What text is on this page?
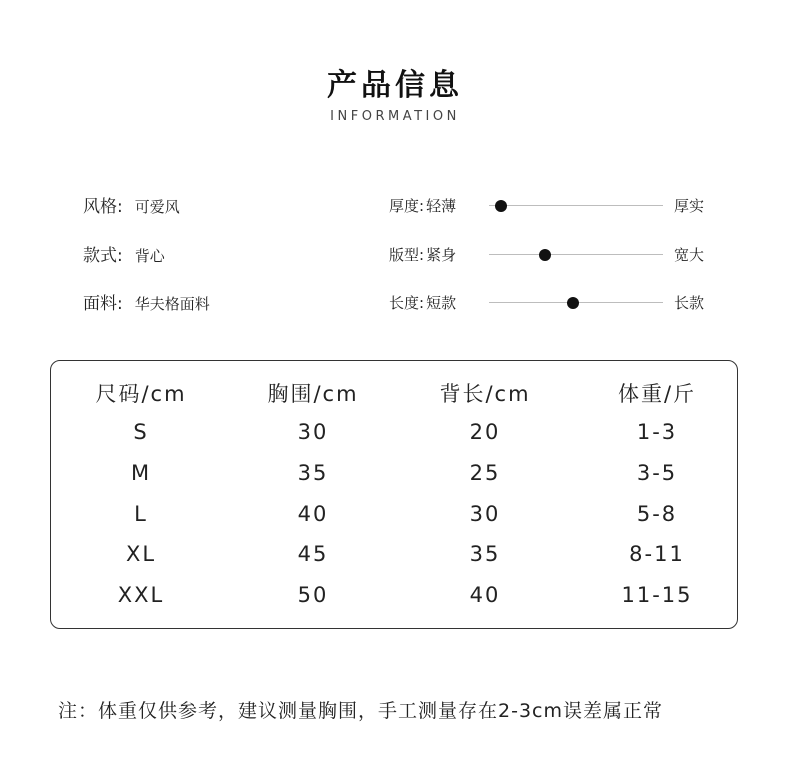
产品信息
INFORMATION
风格: 可爱风
款式: 背心
面料: 华夫格面料
厚度: 轻薄	厚实
版型: 紧身	宽大
长度: 短款	长款
尺码/cm	胸围/cm	背长/cm	体重/斤
S	30	20	1-3
M	35	25	3-5
L	40	30	5-8
XL	45	35	8-11
XXL	50	40	11-15
注：体重仅供参考，建议测量胸围，手工测量存在2-3cm误差属正常
